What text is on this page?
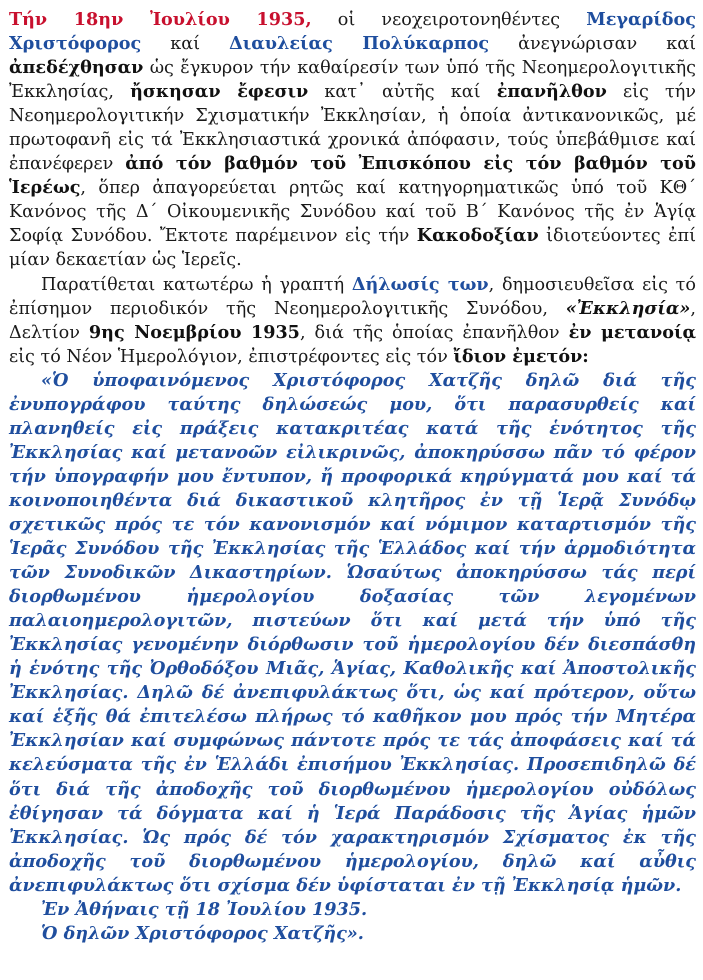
Τήν 18ην Ἰουλίου 1935, οἱ νεοχειροτονηθέντες Μεγαρίδος Χριστόφορος καί Διαυλείας Πολύκαρπος ἀνεγνώρισαν καί ἀπεδέχθησαν ὡς ἔγκυρον τήν καθαίρεσίν των ὑπό τῆς Νεοημερολογιτικῆς Ἐκκλησίας, ἤσκησαν ἔφεσιν κατ᾽ αὐτῆς καί ἐπανῆλθον εἰς τήν Νεοημερολογιτικήν Σχισματικήν Ἐκκλησίαν, ἡ ὁποία ἀντικανονικῶς, μέ πρωτοφανῆ εἰς τά Ἐκκλησιαστικά χρονικά ἀπόφασιν, τούς ὑπεβάθμισε καί ἐπανέφερεν ἀπό τόν βαθμόν τοῦ Ἐπισκόπου εἰς τόν βαθμόν τοῦ Ἱερέως, ὅπερ ἀπαγορεύεται ρητῶς καί κατηγορηματικῶς ὑπό τοῦ ΚΘ´ Κανόνος τῆς Δ´ Οἰκουμενικῆς Συνόδου καί τοῦ Β´ Κανόνος τῆς ἐν Ἁγίᾳ Σοφίᾳ Συνόδου. Ἔκτοτε παρέμεινον εἰς τήν Κακοδοξίαν ἰδιοτεύοντες ἐπί μίαν δεκαετίαν ὡς Ἱερεῖς.

Παρατίθεται κατωτέρω ἡ γραπτή Δήλωσίς των, δημοσιευθεῖσα εἰς τό ἐπίσημον περιοδικόν τῆς Νεοημερολογιτικῆς Συνόδου, «Ἐκκλησία», Δελτίον 9ης Νοεμβρίου 1935, διά τῆς ὁποίας ἐπανῆλθον ἐν μετανοίᾳ εἰς τό Νέον Ἡμερολόγιον, ἐπιστρέφοντες εἰς τόν ἴδιον ἐμετόν:

«Ὁ ὑποφαινόμενος Χριστόφορος Χατζῆς δηλῶ διά τῆς ἐνυπογράφου ταύτης δηλώσεώς μου, ὅτι παρασυρθείς καί πλανηθείς εἰς πράξεις κατακριτέας κατά τῆς ἑνότητος τῆς Ἐκκλησίας καί μετανοῶν εἰλικρινῶς, ἀποκηρύσσω πᾶν τό φέρον τήν ὑπογραφήν μου ἔντυπον, ἤ προφορικά κηρύγματά μου καί τά κοινοποιηθέντα διά δικαστικοῦ κλητῆρος ἐν τῇ Ἱερᾷ Συνόδῳ σχετικῶς πρός τε τόν κανονισμόν καί νόμιμον καταρτισμόν τῆς Ἱερᾶς Συνόδου τῆς Ἐκκλησίας τῆς Ἑλλάδος καί τήν ἁρμοδιότητα τῶν Συνοδικῶν Δικαστηρίων. Ὡσαύτως ἀποκηρύσσω τάς περί διορθωμένου ἡμερολογίου δοξασίας τῶν λεγομένων παλαιοημερολογιτῶν, πιστεύων ὅτι καί μετά τήν ὑπό τῆς Ἐκκλησίας γενομένην διόρθωσιν τοῦ ἡμερολογίου δέν διεσπάσθη ἡ ἑνότης τῆς Ὀρθοδόξου Μιᾶς, Ἁγίας, Καθολικῆς καί Ἀποστολικῆς Ἐκκλησίας. Δηλῶ δέ ἀνεπιφυλάκτως ὅτι, ὡς καί πρότερον, οὕτω καί ἑξῆς θά ἐπιτελέσω πλήρως τό καθῆκον μου πρός τήν Μητέρα Ἐκκλησίαν καί συμφώνως πάντοτε πρός τε τάς ἀποφάσεις καί τά κελεύσματα τῆς ἐν Ἑλλάδι ἐπισήμου Ἐκκλησίας. Προσεπιδηλῶ δέ ὅτι διά τῆς ἀποδοχῆς τοῦ διορθωμένου ἡμερολογίου οὐδόλως ἐθίγησαν τά δόγματα καί ἡ Ἱερά Παράδοσις τῆς Ἁγίας ἡμῶν Ἐκκλησίας. Ὡς πρός δέ τόν χαρακτηρισμόν Σχίσματος ἐκ τῆς ἀποδοχῆς τοῦ διορθωμένου ἡμερολογίου, δηλῶ καί αὖθις ἀνεπιφυλάκτως ὅτι σχίσμα δέν ὑφίσταται ἐν τῇ Ἐκκλησίᾳ ἡμῶν.

Ἐν Ἀθήναις τῇ 18 Ἰουλίου 1935.

Ὁ δηλῶν Χριστόφορος Χατζῆς».
